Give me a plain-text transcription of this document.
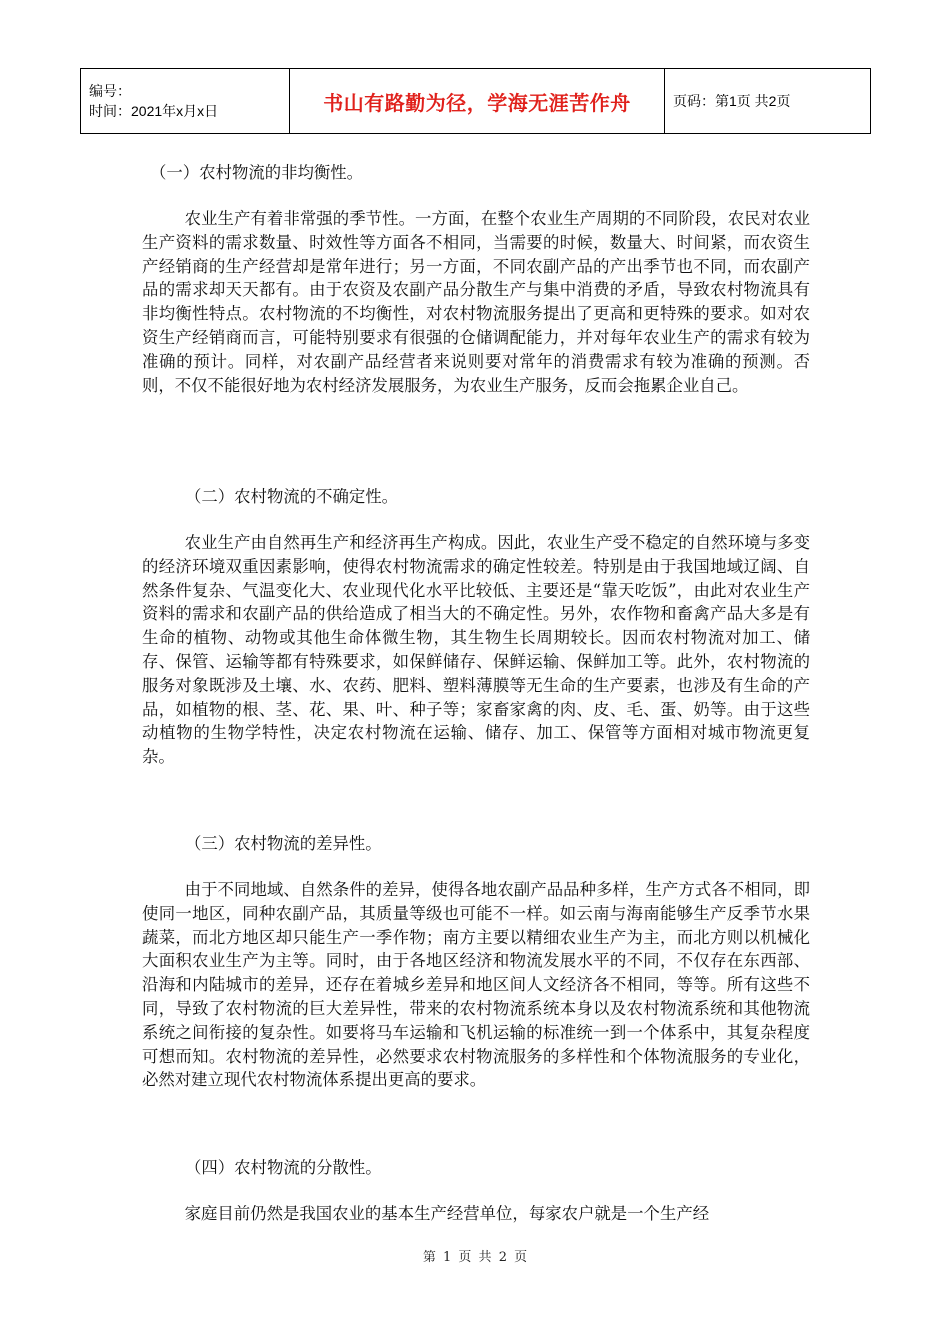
编号：
时间：2021年x月x日	书山有路勤为径，学海无涯苦作舟	页码：第1页 共2页
（一）农村物流的非均衡性。

农业生产有着非常强的季节性。一方面，在整个农业生产周期的不同阶段，农民对农业生产资料的需求数量、时效性等方面各不相同，当需要的时候，数量大、时间紧，而农资生产经销商的生产经营却是常年进行；另一方面，不同农副产品的产出季节也不同，而农副产品的需求却天天都有。由于农资及农副产品分散生产与集中消费的矛盾，导致农村物流具有非均衡性特点。农村物流的不均衡性，对农村物流服务提出了更高和更特殊的要求。如对农资生产经销商而言，可能特别要求有很强的仓储调配能力，并对每年农业生产的需求有较为准确的预计。同样，对农副产品经营者来说则要对常年的消费需求有较为准确的预测。否则，不仅不能很好地为农村经济发展服务，为农业生产服务，反而会拖累企业自己。

（二）农村物流的不确定性。

农业生产由自然再生产和经济再生产构成。因此，农业生产受不稳定的自然环境与多变的经济环境双重因素影响，使得农村物流需求的确定性较差。特别是由于我国地域辽阔、自然条件复杂、气温变化大、农业现代化水平比较低、主要还是“靠天吃饭”，由此对农业生产资料的需求和农副产品的供给造成了相当大的不确定性。另外，农作物和畜禽产品大多是有生命的植物、动物或其他生命体微生物，其生物生长周期较长。因而农村物流对加工、储存、保管、运输等都有特殊要求，如保鲜储存、保鲜运输、保鲜加工等。此外，农村物流的服务对象既涉及土壤、水、农药、肥料、塑料薄膜等无生命的生产要素，也涉及有生命的产品，如植物的根、茎、花、果、叶、种子等；家畜家禽的肉、皮、毛、蛋、奶等。由于这些动植物的生物学特性，决定农村物流在运输、储存、加工、保管等方面相对城市物流更复杂。

（三）农村物流的差异性。

由于不同地域、自然条件的差异，使得各地农副产品品种多样，生产方式各不相同，即使同一地区，同种农副产品，其质量等级也可能不一样。如云南与海南能够生产反季节水果蔬菜，而北方地区却只能生产一季作物；南方主要以精细农业生产为主，而北方则以机械化大面积农业生产为主等。同时，由于各地区经济和物流发展水平的不同，不仅存在东西部、沿海和内陆城市的差异，还存在着城乡差异和地区间人文经济各不相同，等等。所有这些不同，导致了农村物流的巨大差异性，带来的农村物流系统本身以及农村物流系统和其他物流系统之间衔接的复杂性。如要将马车运输和飞机运输的标准统一到一个体系中，其复杂程度可想而知。农村物流的差异性，必然要求农村物流服务的多样性和个体物流服务的专业化，必然对建立现代农村物流体系提出更高的要求。

（四）农村物流的分散性。

家庭目前仍然是我国农业的基本生产经营单位，每家农户就是一个生产经

第 1 页 共 2 页
